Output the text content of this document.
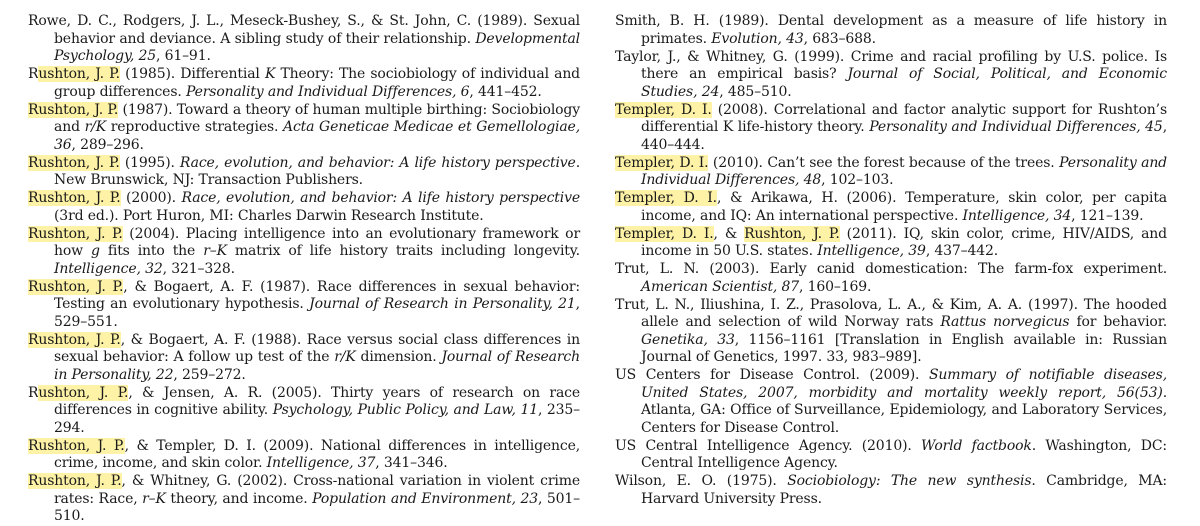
Rowe, D. C., Rodgers, J. L., Meseck-Bushey, S., & St. John, C. (1989). Sexual behavior and deviance. A sibling study of their relationship. Developmental Psychology, 25, 61–91.

Rushton, J. P. (1985). Differential K Theory: The sociobiology of individual and group differences. Personality and Individual Differences, 6, 441–452.

Rushton, J. P. (1987). Toward a theory of human multiple birthing: Sociobiology and r/K reproductive strategies. Acta Geneticae Medicae et Gemellologiae, 36, 289–296.

Rushton, J. P. (1995). Race, evolution, and behavior: A life history perspective. New Brunswick, NJ: Transaction Publishers.

Rushton, J. P. (2000). Race, evolution, and behavior: A life history perspective (3rd ed.). Port Huron, MI: Charles Darwin Research Institute.

Rushton, J. P. (2004). Placing intelligence into an evolutionary framework or how g fits into the r–K matrix of life history traits including longevity. Intelligence, 32, 321–328.

Rushton, J. P., & Bogaert, A. F. (1987). Race differences in sexual behavior: Testing an evolutionary hypothesis. Journal of Research in Personality, 21, 529–551.

Rushton, J. P., & Bogaert, A. F. (1988). Race versus social class differences in sexual behavior: A follow up test of the r/K dimension. Journal of Research in Personality, 22, 259–272.

Rushton, J. P., & Jensen, A. R. (2005). Thirty years of research on race differences in cognitive ability. Psychology, Public Policy, and Law, 11, 235–294.

Rushton, J. P., & Templer, D. I. (2009). National differences in intelligence, crime, income, and skin color. Intelligence, 37, 341–346.

Rushton, J. P., & Whitney, G. (2002). Cross-national variation in violent crime rates: Race, r–K theory, and income. Population and Environment, 23, 501–510.

Smith, B. H. (1989). Dental development as a measure of life history in primates. Evolution, 43, 683–688.

Taylor, J., & Whitney, G. (1999). Crime and racial profiling by U.S. police. Is there an empirical basis? Journal of Social, Political, and Economic Studies, 24, 485–510.

Templer, D. I. (2008). Correlational and factor analytic support for Rushton’s differential K life-history theory. Personality and Individual Differences, 45, 440–444.

Templer, D. I. (2010). Can’t see the forest because of the trees. Personality and Individual Differences, 48, 102–103.

Templer, D. I., & Arikawa, H. (2006). Temperature, skin color, per capita income, and IQ: An international perspective. Intelligence, 34, 121–139.

Templer, D. I., & Rushton, J. P. (2011). IQ, skin color, crime, HIV/AIDS, and income in 50 U.S. states. Intelligence, 39, 437–442.

Trut, L. N. (2003). Early canid domestication: The farm-fox experiment. American Scientist, 87, 160–169.

Trut, L. N., Iliushina, I. Z., Prasolova, L. A., & Kim, A. A. (1997). The hooded allele and selection of wild Norway rats Rattus norvegicus for behavior. Genetika, 33, 1156–1161 [Translation in English available in: Russian Journal of Genetics, 1997. 33, 983–989].

US Centers for Disease Control. (2009). Summary of notifiable diseases, United States, 2007, morbidity and mortality weekly report, 56(53). Atlanta, GA: Office of Surveillance, Epidemiology, and Laboratory Services, Centers for Disease Control.

US Central Intelligence Agency. (2010). World factbook. Washington, DC: Central Intelligence Agency.

Wilson, E. O. (1975). Sociobiology: The new synthesis. Cambridge, MA: Harvard University Press.
